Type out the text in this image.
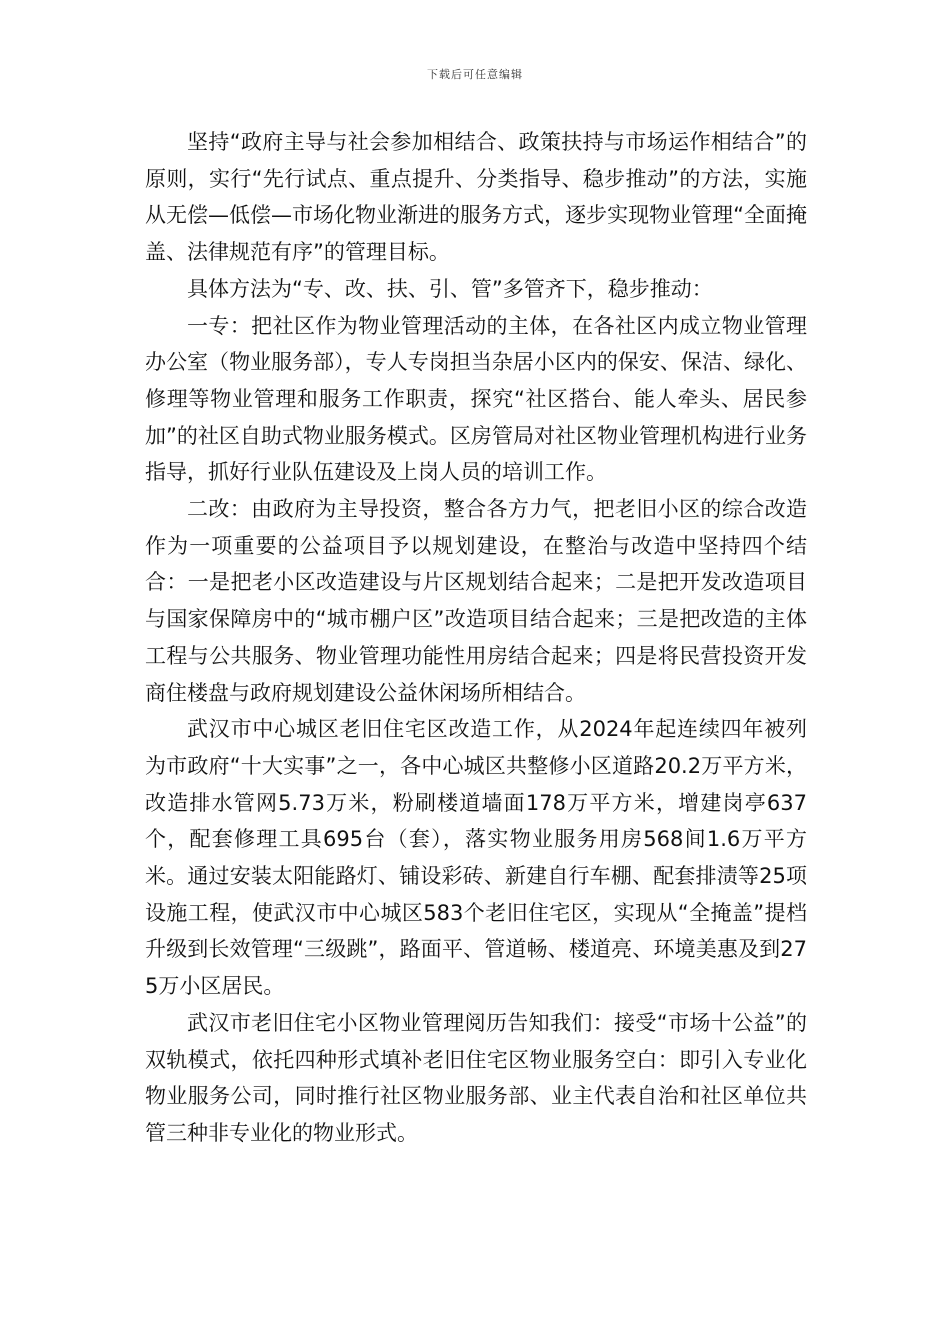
下载后可任意编辑

坚持“政府主导与社会参加相结合、政策扶持与市场运作相结合”的原则，实行“先行试点、重点提升、分类指导、稳步推动”的方法，实施从无偿—低偿—市场化物业渐进的服务方式，逐步实现物业管理“全面掩盖、法律规范有序”的管理目标。

具体方法为“专、改、扶、引、管”多管齐下，稳步推动：

一专：把社区作为物业管理活动的主体，在各社区内成立物业管理办公室（物业服务部），专人专岗担当杂居小区内的保安、保洁、绿化、修理等物业管理和服务工作职责，探究“社区搭台、能人牵头、居民参加”的社区自助式物业服务模式。区房管局对社区物业管理机构进行业务指导，抓好行业队伍建设及上岗人员的培训工作。

二改：由政府为主导投资，整合各方力气，把老旧小区的综合改造作为一项重要的公益项目予以规划建设，在整治与改造中坚持四个结合：一是把老小区改造建设与片区规划结合起来；二是把开发改造项目与国家保障房中的“城市棚户区”改造项目结合起来；三是把改造的主体工程与公共服务、物业管理功能性用房结合起来；四是将民营投资开发商住楼盘与政府规划建设公益休闲场所相结合。

武汉市中心城区老旧住宅区改造工作，从2024年起连续四年被列为市政府“十大实事”之一，各中心城区共整修小区道路20.2万平方米，改造排水管网5.73万米，粉刷楼道墙面178万平方米，增建岗亭637个，配套修理工具695台（套），落实物业服务用房568间1.6万平方米。通过安装太阳能路灯、铺设彩砖、新建自行车棚、配套排渍等25项设施工程，使武汉市中心城区583个老旧住宅区，实现从“全掩盖”提档升级到长效管理“三级跳”，路面平、管道畅、楼道亮、环境美惠及到275万小区居民。

武汉市老旧住宅小区物业管理阅历告知我们：接受“市场十公益”的双轨模式，依托四种形式填补老旧住宅区物业服务空白：即引入专业化物业服务公司，同时推行社区物业服务部、业主代表自治和社区单位共管三种非专业化的物业形式。
